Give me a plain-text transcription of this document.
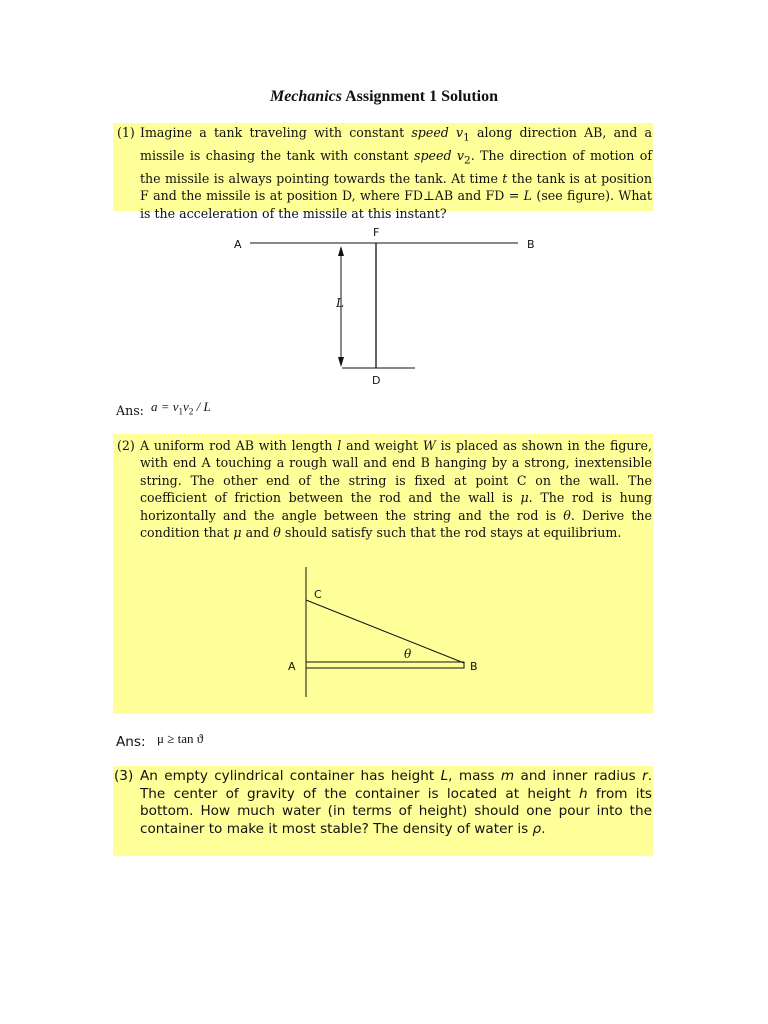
Mechanics Assignment 1 Solution
(1) Imagine a tank traveling with constant speed $v_1$ along direction AB, and a missile is chasing the tank with constant speed $v_2$. The direction of motion of the missile is always pointing towards the tank. At time t the tank is at position F and the missile is at position D, where FD⊥AB and FD = L (see figure). What is the acceleration of the missile at this instant?
A	B
F
D
L
Ans: $a = v_1v_2 / L$
(2) A uniform rod AB with length l and weight W is placed as shown in the figure, with end A touching a rough wall and end B hanging by a strong, inextensible string. The other end of the string is fixed at point C on the wall. The coefficient of friction between the rod and the wall is μ. The rod is hung horizontally and the angle between the string and the rod is θ. Derive the condition that μ and θ should satisfy such that the rod stays at equilibrium.
C
A	B
θ
Ans: μ ≥ tan ϑ
(3) An empty cylindrical container has height L, mass m and inner radius r. The center of gravity of the container is located at height h from its bottom. How much water (in terms of height) should one pour into the container to make it most stable? The density of water is ρ.
